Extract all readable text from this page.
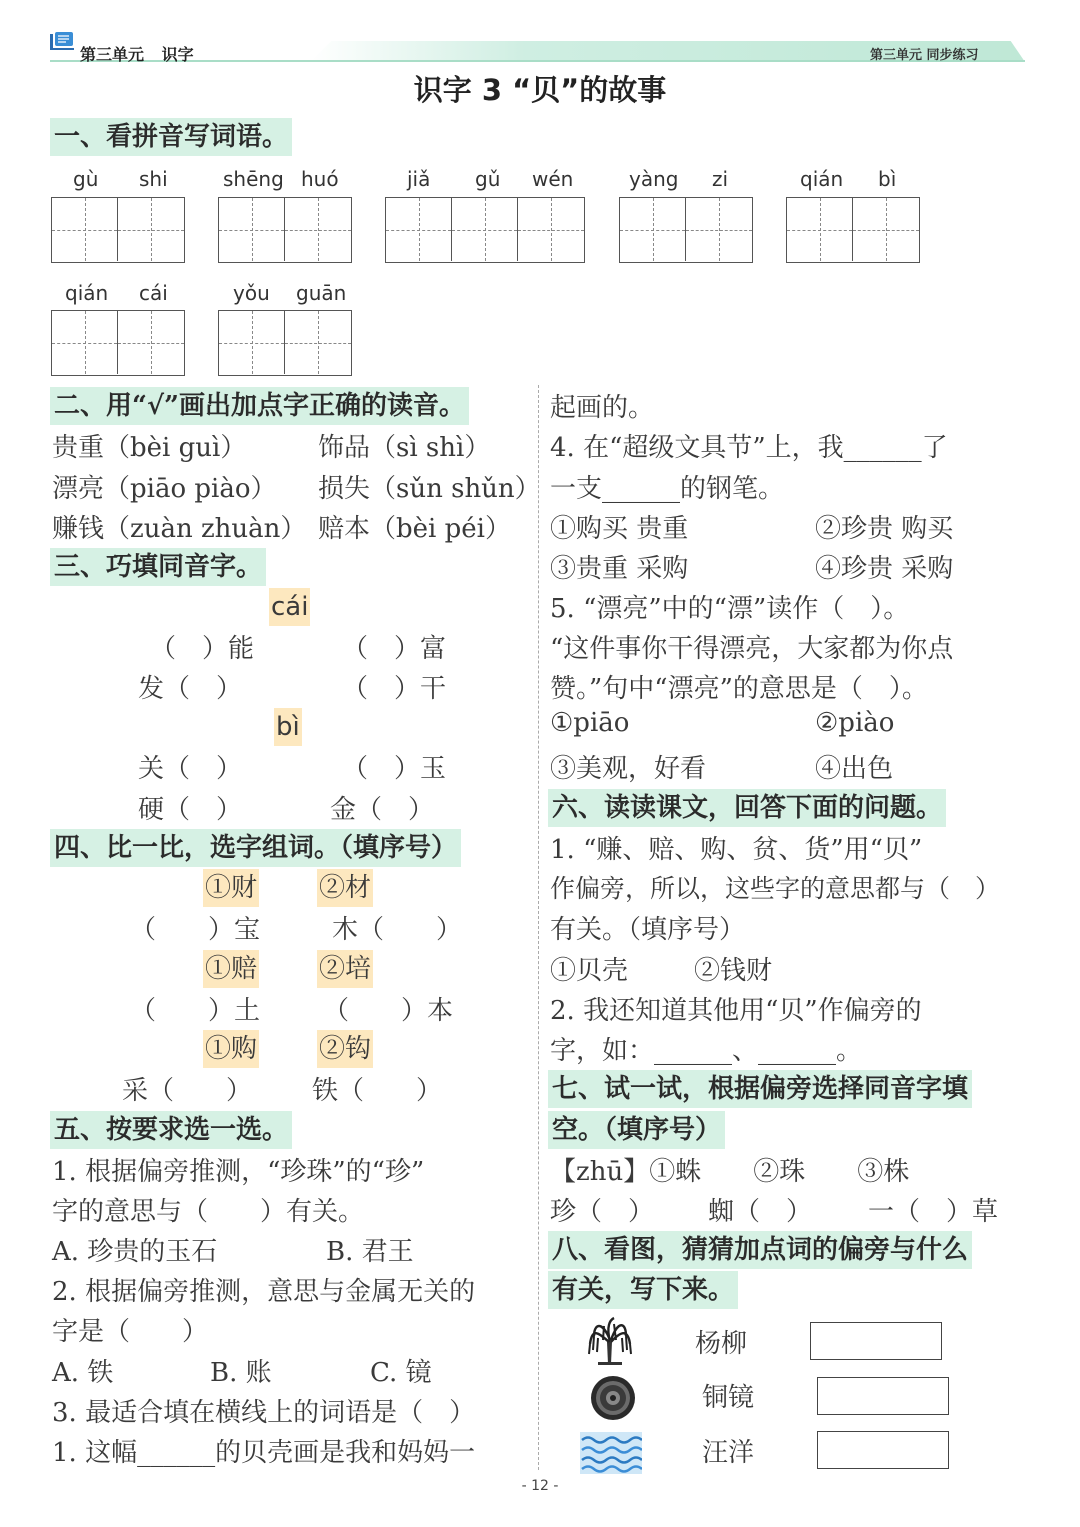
第三单元 识字	第三单元 同步练习
识字 3 “贝”的故事
一、看拼音写词语。
gù shi	shēng huó	jiǎ gǔ wén	yàng zi	qián bì
qián cái	yǒu guān
二、用“√”画出加点字正确的读音。
贵重（bèi guì）	饰品（sì shì）
漂亮（piāo piào） 损失（sǔn shǔn）
赚钱（zuàn zhuàn） 赔本（bèi péi）
三、巧填同音字。
cái
（　）能	（　）富
发（　）	（　）干
bì
关（　）	（　）玉
硬（　）	金（　）
四、比一比，选字组词。（填序号）
①财 ②材
（　　）宝	木（　　）
①赔 ②培
（　　）土 （　　）本
①购 ②钩
采（　　） 铁（　　）
五、按要求选一选。
1. 根据偏旁推测，“珍珠”的“珍”
字的意思与（　　）有关。
A. 珍贵的玉石	B. 君王
2. 根据偏旁推测，意思与金属无关的
字是（　　）
A. 铁	B. 账	C. 镜
3. 最适合填在横线上的词语是（　）
1. 这幅______的贝壳画是我和妈妈一
起画的。
4. 在“超级文具节”上，我______了
一支______的钢笔。
①购买 贵重	②珍贵 购买
③贵重 采购	④珍贵 采购
5. “漂亮”中的“漂”读作（　）。
“这件事你干得漂亮，大家都为你点
赞。”句中“漂亮”的意思是（　）。
①piāo	②piào
③美观，好看	④出色
六、读读课文，回答下面的问题。
1. “赚、赔、购、贫、货”用“贝”
作偏旁，所以，这些字的意思都与（　）
有关。（填序号）
①贝壳	②钱财
2. 我还知道其他用“贝”作偏旁的
字，如：______、______。
七、试一试，根据偏旁选择同音字填
空。（填序号）
【zhū】①蛛　　②珠　　③株
珍（　） 蜘（　） 一（　）草
八、看图，猜猜加点词的偏旁与什么
有关，写下来。
杨柳
铜镜
汪洋
- 12 -
